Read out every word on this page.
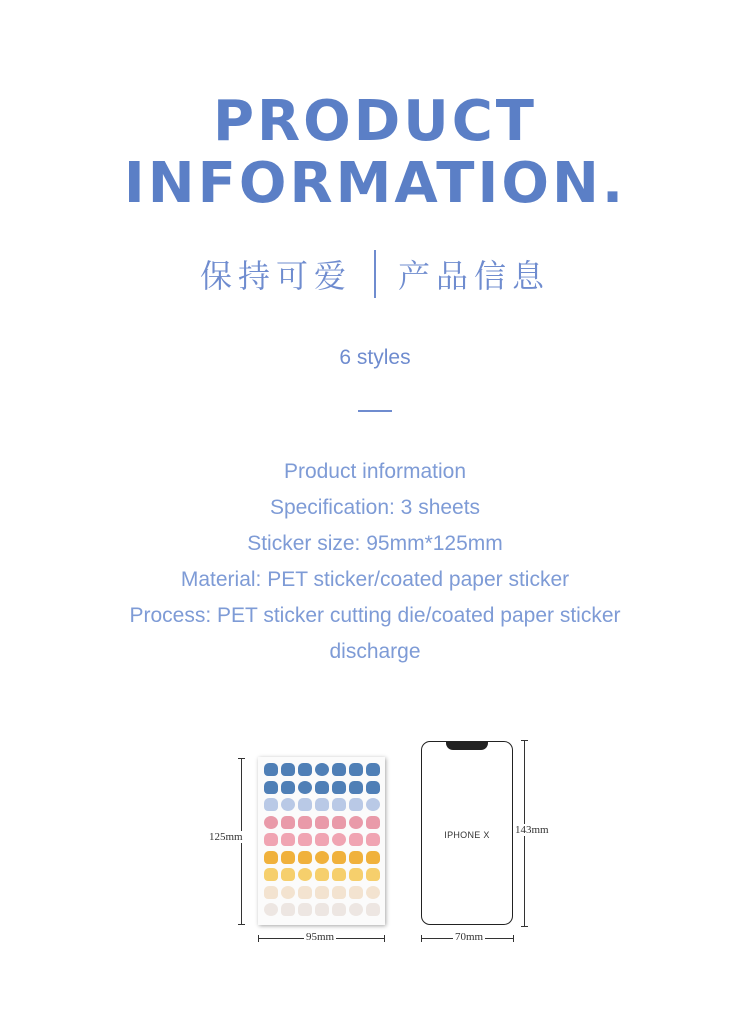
PRODUCT
INFORMATION.
保持可爱 产品信息
6 styles
Product information
Specification: 3 sheets
Sticker size: 95mm*125mm
Material: PET sticker/coated paper sticker
Process: PET sticker cutting die/coated paper sticker
discharge
125mm
95mm
IPHONE X	143mm
70mm
